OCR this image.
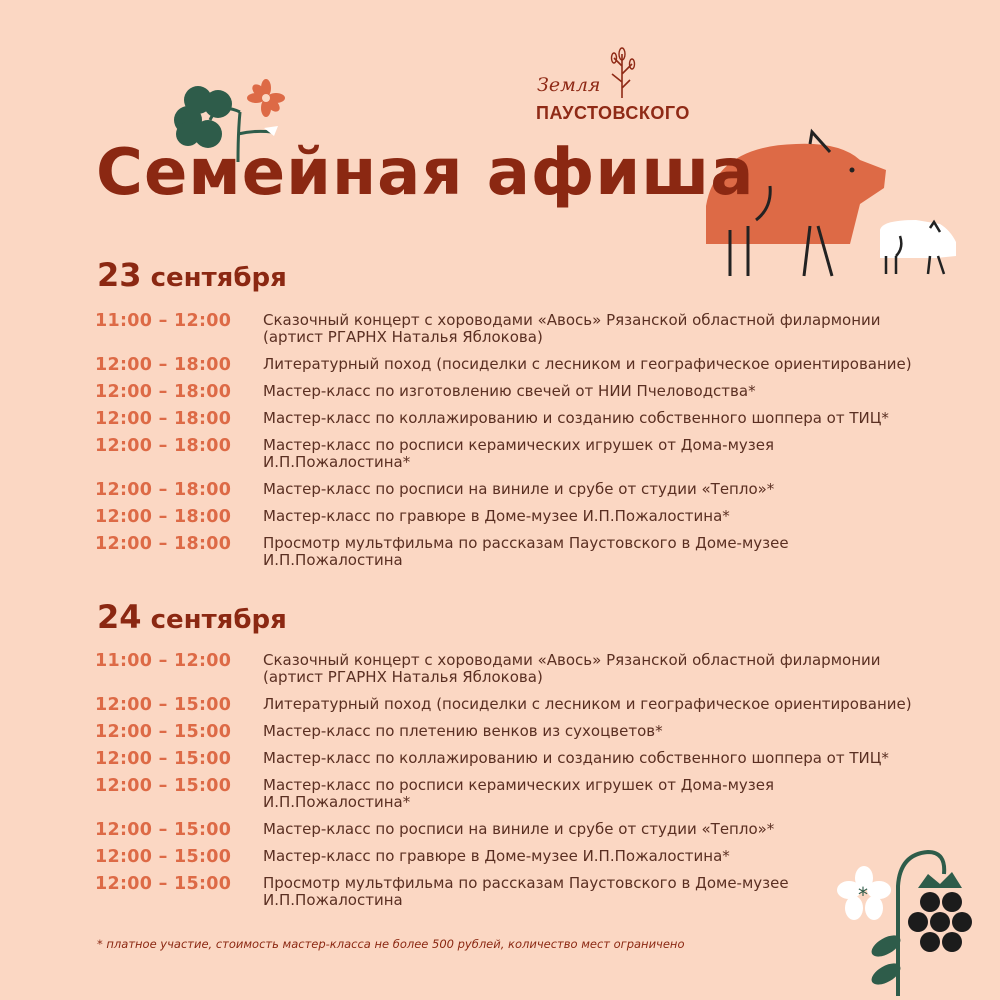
Земля
ПАУСТОВСКОГО
*
Семейная афиша
23 сентября
11:00 – 12:00	Сказочный концерт с хороводами «Авось» Рязанской областной филармонии (артист РГАРНХ Наталья Яблокова)
12:00 – 18:00	Литературный поход (посиделки с лесником и географическое ориентирование)
12:00 – 18:00	Мастер-класс по изготовлению свечей от НИИ Пчеловодства*
12:00 – 18:00	Мастер-класс по коллажированию и созданию собственного шоппера от ТИЦ*
12:00 – 18:00	Мастер-класс по росписи керамических игрушек от Дома-музея И.П.Пожалостина*
12:00 – 18:00	Мастер-класс по росписи на виниле и срубе от студии «Тепло»*
12:00 – 18:00	Мастер-класс по гравюре в Доме-музее И.П.Пожалостина*
12:00 – 18:00	Просмотр мультфильма по рассказам Паустовского в Доме-музее И.П.Пожалостина
24 сентября
11:00 – 12:00	Сказочный концерт с хороводами «Авось» Рязанской областной филармонии (артист РГАРНХ Наталья Яблокова)
12:00 – 15:00	Литературный поход (посиделки с лесником и географическое ориентирование)
12:00 – 15:00	Мастер-класс по плетению венков из сухоцветов*
12:00 – 15:00	Мастер-класс по коллажированию и созданию собственного шоппера от ТИЦ*
12:00 – 15:00	Мастер-класс по росписи керамических игрушек от Дома-музея И.П.Пожалостина*
12:00 – 15:00	Мастер-класс по росписи на виниле и срубе от студии «Тепло»*
12:00 – 15:00	Мастер-класс по гравюре в Доме-музее И.П.Пожалостина*
12:00 – 15:00	Просмотр мультфильма по рассказам Паустовского в Доме-музее И.П.Пожалостина
* платное участие, стоимость мастер-класса не более 500 рублей, количество мест ограничено
